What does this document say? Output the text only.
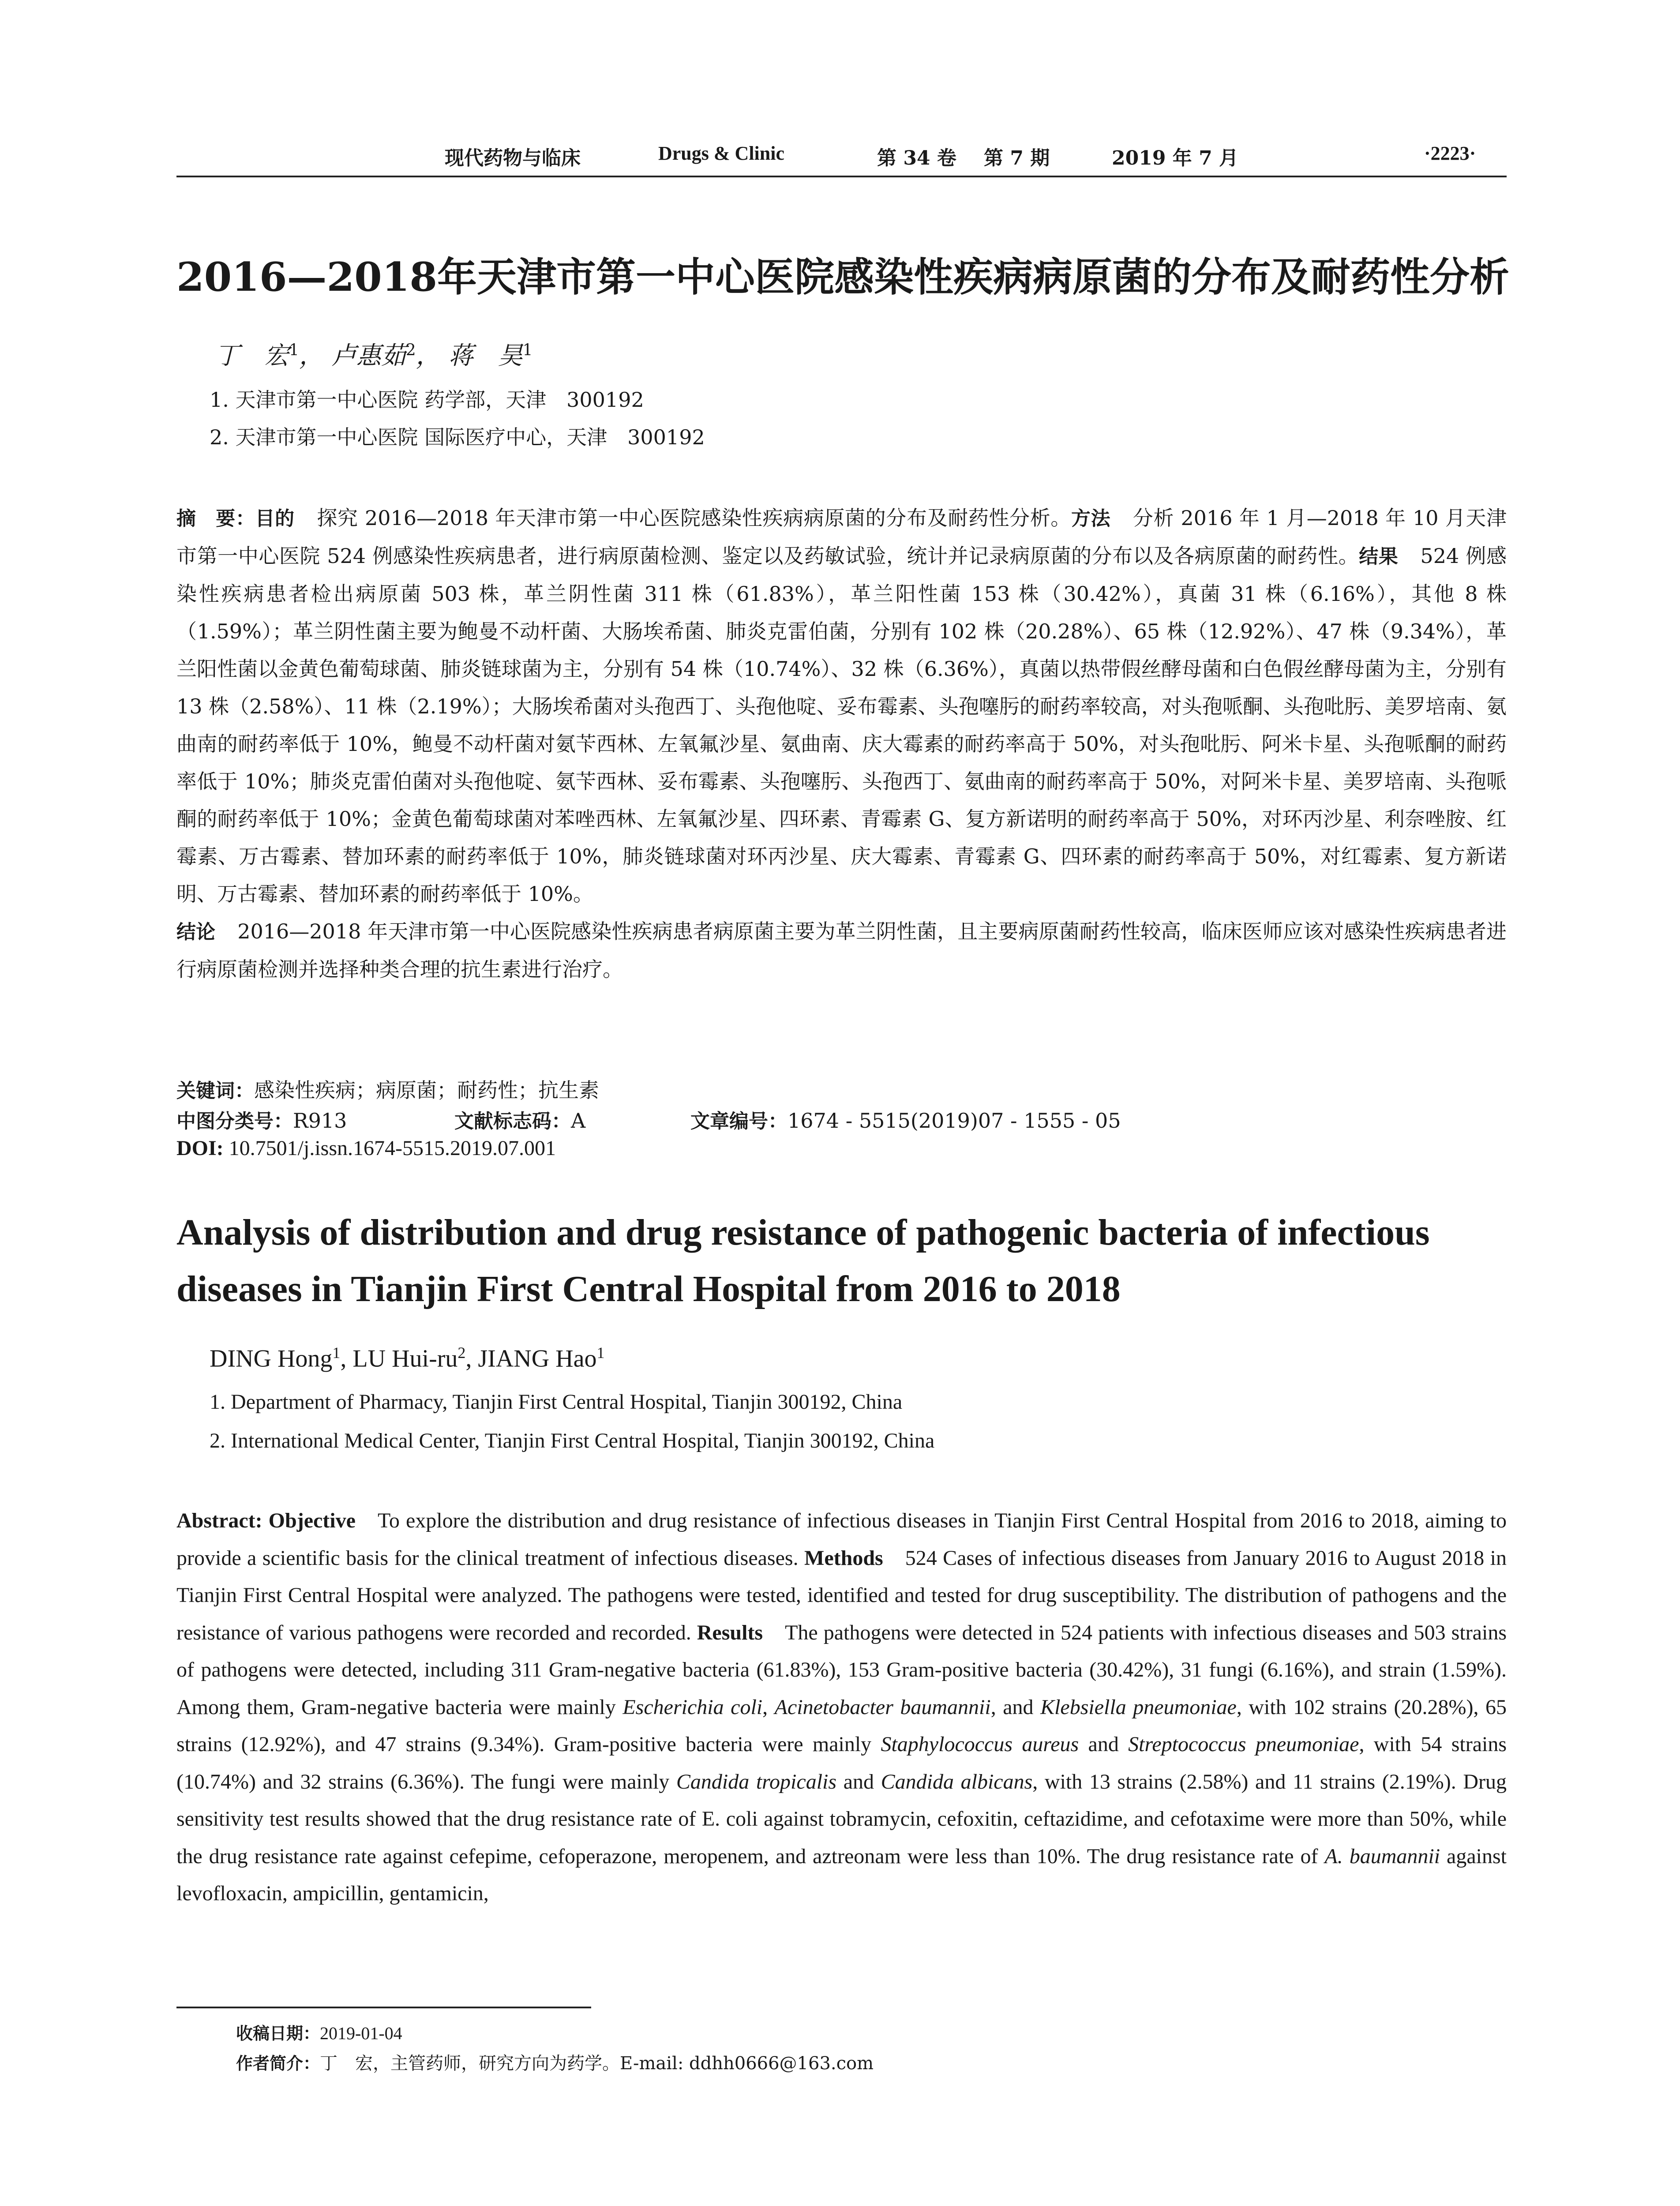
现代药物与临床	Drugs & Clinic	第 34 卷 第 7 期	2019 年 7 月	·2223·
2016—2018年天津市第一中心医院感染性疾病病原菌的分布及耐药性分析
丁　宏$^1$， 卢惠茹$^2$， 蒋　昊$^1$
1. 天津市第一中心医院 药学部，天津　300192
2. 天津市第一中心医院 国际医疗中心，天津　300192
摘　要：目的 探究 2016—2018 年天津市第一中心医院感染性疾病病原菌的分布及耐药性分析。方法 分析 2016 年 1 月—2018 年 10 月天津市第一中心医院 524 例感染性疾病患者，进行病原菌检测、鉴定以及药敏试验，统计并记录病原菌的分布以及各病原菌的耐药性。结果 524 例感染性疾病患者检出病原菌 503 株，革兰阴性菌 311 株（61.83%），革兰阳性菌 153 株（30.42%），真菌 31 株（6.16%），其他 8 株（1.59%）；革兰阴性菌主要为鲍曼不动杆菌、大肠埃希菌、肺炎克雷伯菌，分别有 102 株（20.28%）、65 株（12.92%）、47 株（9.34%），革兰阳性菌以金黄色葡萄球菌、肺炎链球菌为主，分别有 54 株（10.74%）、32 株（6.36%），真菌以热带假丝酵母菌和白色假丝酵母菌为主，分别有 13 株（2.58%）、11 株（2.19%）；大肠埃希菌对头孢西丁、头孢他啶、妥布霉素、头孢噻肟的耐药率较高，对头孢哌酮、头孢吡肟、美罗培南、氨曲南的耐药率低于 10%，鲍曼不动杆菌对氨苄西林、左氧氟沙星、氨曲南、庆大霉素的耐药率高于 50%，对头孢吡肟、阿米卡星、头孢哌酮的耐药率低于 10%；肺炎克雷伯菌对头孢他啶、氨苄西林、妥布霉素、头孢噻肟、头孢西丁、氨曲南的耐药率高于 50%，对阿米卡星、美罗培南、头孢哌酮的耐药率低于 10%；金黄色葡萄球菌对苯唑西林、左氧氟沙星、四环素、青霉素 G、复方新诺明的耐药率高于 50%，对环丙沙星、利奈唑胺、红霉素、万古霉素、替加环素的耐药率低于 10%，肺炎链球菌对环丙沙星、庆大霉素、青霉素 G、四环素的耐药率高于 50%，对红霉素、复方新诺明、万古霉素、替加环素的耐药率低于 10%。
结论 2016—2018 年天津市第一中心医院感染性疾病患者病原菌主要为革兰阴性菌，且主要病原菌耐药性较高，临床医师应该对感染性疾病患者进行病原菌检测并选择种类合理的抗生素进行治疗。
关键词：感染性疾病；病原菌；耐药性；抗生素
中图分类号：R913	文献标志码：A	文章编号：1674 - 5515(2019)07 - 1555 - 05
DOI: 10.7501/j.issn.1674-5515.2019.07.001
Analysis of distribution and drug resistance of pathogenic bacteria of infectious diseases in Tianjin First Central Hospital from 2016 to 2018
DING Hong$^1$, LU Hui-$ru^2$, JIANG Hao$^1$
1. Department of Pharmacy, Tianjin First Central Hospital, Tianjin 300192, China
2. International Medical Center, Tianjin First Central Hospital, Tianjin 300192, China
Abstract: Objective To explore the distribution and drug resistance of infectious diseases in Tianjin First Central Hospital from 2016 to 2018, aiming to provide a scientific basis for the clinical treatment of infectious diseases. Methods 524 Cases of infectious diseases from January 2016 to August 2018 in Tianjin First Central Hospital were analyzed. The pathogens were tested, identified and tested for drug susceptibility. The distribution of pathogens and the resistance of various pathogens were recorded and recorded. Results The pathogens were detected in 524 patients with infectious diseases and 503 strains of pathogens were detected, including 311 Gram-negative bacteria (61.83%), 153 Gram-positive bacteria (30.42%), 31 fungi (6.16%), and strain (1.59%). Among them, Gram-negative bacteria were mainly Escherichia coli, Acinetobacter baumannii, and Klebsiella pneumoniae, with 102 strains (20.28%), 65 strains (12.92%), and 47 strains (9.34%). Gram-positive bacteria were mainly Staphylococcus aureus and Streptococcus pneumoniae, with 54 strains (10.74%) and 32 strains (6.36%). The fungi were mainly Candida tropicalis and Candida albicans, with 13 strains (2.58%) and 11 strains (2.19%). Drug sensitivity test results showed that the drug resistance rate of E. coli against tobramycin, cefoxitin, ceftazidime, and cefotaxime were more than 50%, while the drug resistance rate against cefepime, cefoperazone, meropenem, and aztreonam were less than 10%. The drug resistance rate of A. baumannii against levofloxacin, ampicillin, gentamicin,
收稿日期：2019-01-04
作者简介：丁　宏，主管药师，研究方向为药学。E-mail: ddhh0666@163.com
